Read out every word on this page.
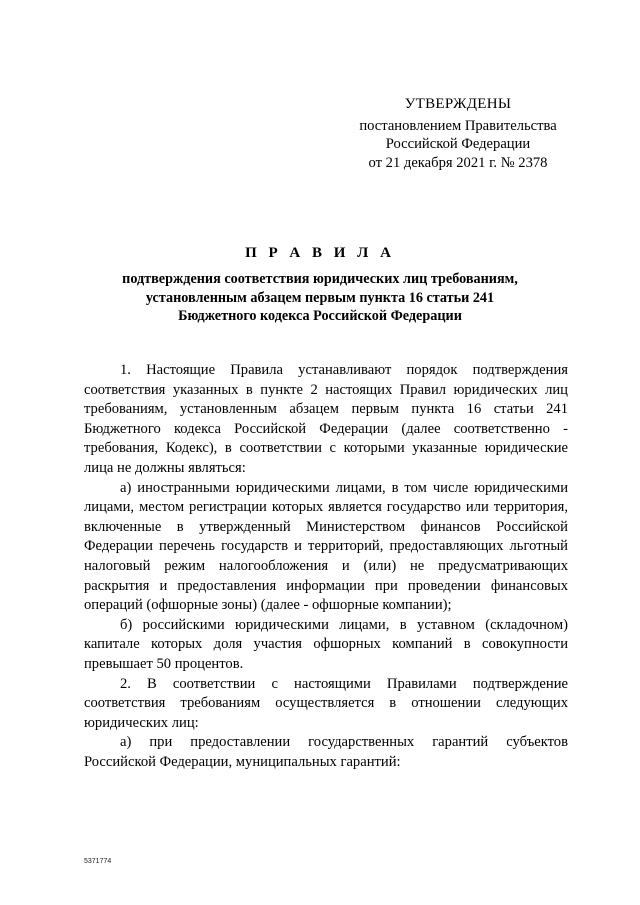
УТВЕРЖДЕНЫ
постановлением Правительства
Российской Федерации
от 21 декабря 2021 г. № 2378
П Р А В И Л А
подтверждения соответствия юридических лиц требованиям,
установленным абзацем первым пункта 16 статьи 241
Бюджетного кодекса Российской Федерации

1. Настоящие Правила устанавливают порядок подтверждения соответствия указанных в пункте 2 настоящих Правил юридических лиц требованиям, установленным абзацем первым пункта 16 статьи 241 Бюджетного кодекса Российской Федерации (далее соответственно - требования, Кодекс), в соответствии с которыми указанные юридические лица не должны являться:

а) иностранными юридическими лицами, в том числе юридическими лицами, местом регистрации которых является государство или территория, включенные в утвержденный Министерством финансов Российской Федерации перечень государств и территорий, предоставляющих льготный налоговый режим налогообложения и (или) не предусматривающих раскрытия и предоставления информации при проведении финансовых операций (офшорные зоны) (далее - офшорные компании);

б) российскими юридическими лицами, в уставном (складочном) капитале которых доля участия офшорных компаний в совокупности превышает 50 процентов.

2. В соответствии с настоящими Правилами подтверждение соответствия требованиям осуществляется в отношении следующих юридических лиц:

а) при предоставлении государственных гарантий субъектов Российской Федерации, муниципальных гарантий:

5371774
